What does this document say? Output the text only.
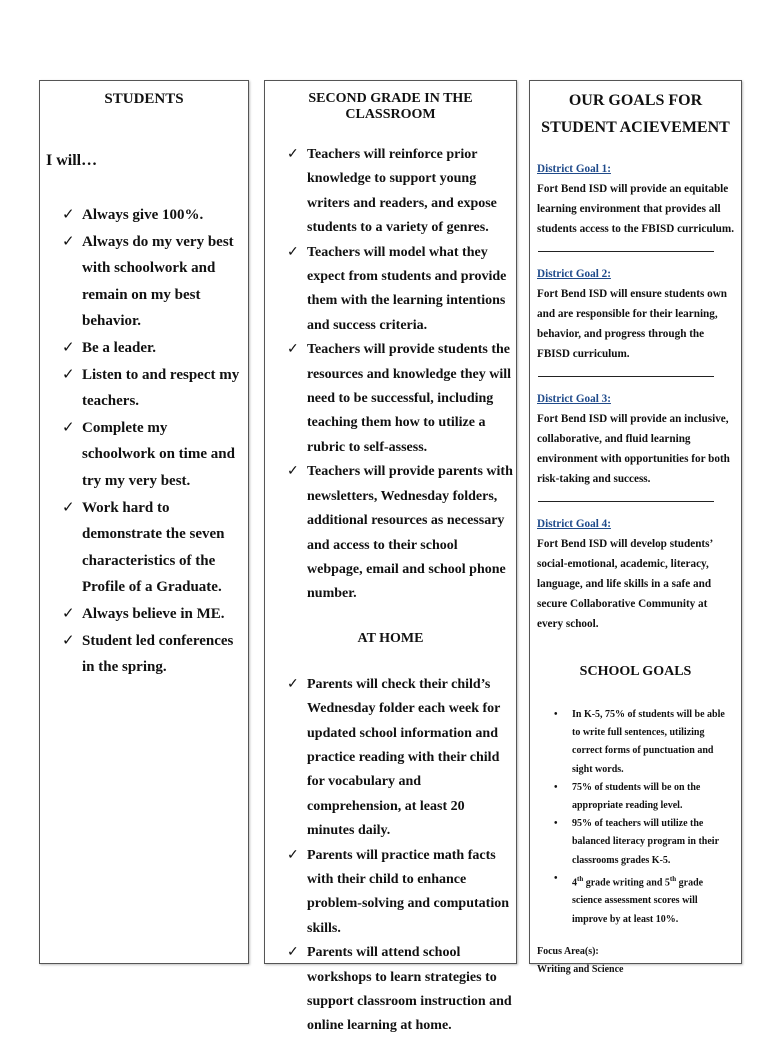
STUDENTS
I will…
✓ Always give 100%.
✓ Always do my very best with schoolwork and remain on my best behavior.
✓ Be a leader.
✓ Listen to and respect my teachers.
✓ Complete my schoolwork on time and try my very best.
✓ Work hard to demonstrate the seven characteristics of the Profile of a Graduate.
✓ Always believe in ME.
✓ Student led conferences in the spring.
SECOND GRADE IN THE CLASSROOM
✓ Teachers will reinforce prior knowledge to support young writers and readers, and expose students to a variety of genres.
✓ Teachers will model what they expect from students and provide them with the learning intentions and success criteria.
✓ Teachers will provide students the resources and knowledge they will need to be successful, including teaching them how to utilize a rubric to self-assess.
✓ Teachers will provide parents with newsletters, Wednesday folders, additional resources as necessary and access to their school webpage, email and school phone number.
AT HOME
✓ Parents will check their child’s Wednesday folder each week for updated school information and practice reading with their child for vocabulary and comprehension, at least 20 minutes daily.
✓ Parents will practice math facts with their child to enhance problem-solving and computation skills.
✓ Parents will attend school workshops to learn strategies to support classroom instruction and online learning at home.
OUR GOALS FOR STUDENT ACIEVEMENT
District Goal 1:
Fort Bend ISD will provide an equitable learning environment that provides all students access to the FBISD curriculum.
District Goal 2:
Fort Bend ISD will ensure students own and are responsible for their learning, behavior, and progress through the FBISD curriculum.
District Goal 3:
Fort Bend ISD will provide an inclusive, collaborative, and fluid learning environment with opportunities for both risk-taking and success.
District Goal 4:
Fort Bend ISD will develop students’ social-emotional, academic, literacy, language, and life skills in a safe and secure Collaborative Community at every school.
SCHOOL GOALS
• In K-5, 75% of students will be able to write full sentences, utilizing correct forms of punctuation and sight words.
• 75% of students will be on the appropriate reading level.
• 95% of teachers will utilize the balanced literacy program in their classrooms grades K-5.
• 4th grade writing and 5th grade science assessment scores will improve by at least 10%.
Focus Area(s):
Writing and Science
